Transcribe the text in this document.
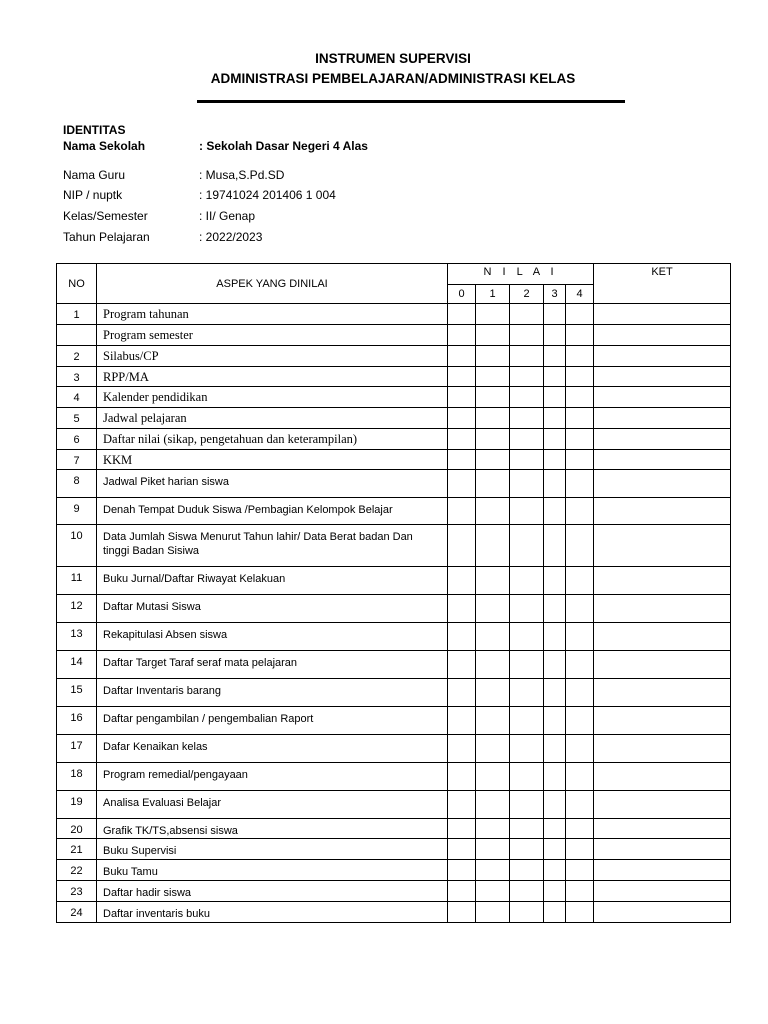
INSTRUMEN SUPERVISI
ADMINISTRASI PEMBELAJARAN/ADMINISTRASI KELAS
IDENTITAS
Nama Sekolah	: Sekolah Dasar Negeri 4 Alas
Nama Guru	: Musa,S.Pd.SD
NIP / nuptk	: 19741024 201406 1 004
Kelas/Semester	: II/ Genap
Tahun Pelajaran	: 2022/2023
NO	ASPEK YANG DINILAI	N I L A I					KET
		0	1	2	3	4	
1	Program tahunan						
	Program semester						
2	Silabus/CP						
3	RPP/MA						
4	Kalender pendidikan						
5	Jadwal pelajaran						
6	Daftar nilai (sikap, pengetahuan dan keterampilan)						
7	KKM						
8	Jadwal Piket harian siswa						
9	Denah Tempat Duduk Siswa /Pembagian Kelompok Belajar						
10	Data Jumlah Siswa Menurut Tahun lahir/ Data Berat badan Dan tinggi Badan Sisiwa						
11	Buku Jurnal/Daftar Riwayat Kelakuan						
12	Daftar Mutasi Siswa						
13	Rekapitulasi Absen siswa						
14	Daftar Target Taraf seraf mata pelajaran						
15	Daftar Inventaris barang						
16	Daftar pengambilan / pengembalian Raport						
17	Dafar Kenaikan kelas						
18	Program remedial/pengayaan						
19	Analisa Evaluasi Belajar						
20	Grafik TK/TS,absensi siswa						
21	Buku Supervisi						
22	Buku Tamu						
23	Daftar hadir siswa						
24	Daftar inventaris buku						
